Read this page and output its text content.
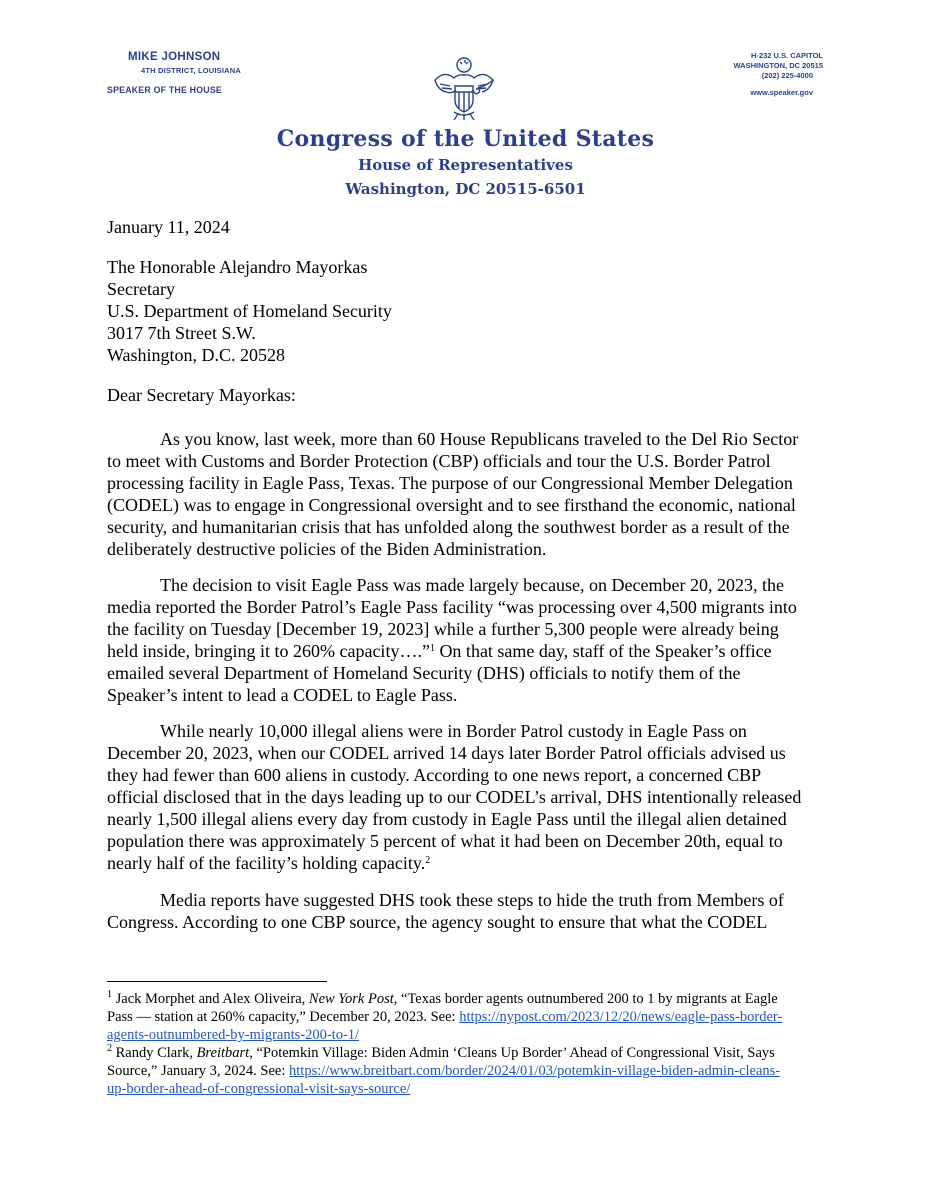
MIKE JOHNSON
4TH DISTRICT, LOUISIANA
SPEAKER OF THE HOUSE
H-232 U.S. CAPITOL
WASHINGTON, DC 20515
(202) 225-4000
www.speaker.gov
Congress of the United States
House of Representatives
Washington, DC 20515-6501
January 11, 2024
The Honorable Alejandro Mayorkas
Secretary
U.S. Department of Homeland Security
3017 7th Street S.W.
Washington, D.C. 20528
Dear Secretary Mayorkas:
As you know, last week, more than 60 House Republicans traveled to the Del Rio Sector
to meet with Customs and Border Protection (CBP) officials and tour the U.S. Border Patrol
processing facility in Eagle Pass, Texas. The purpose of our Congressional Member Delegation
(CODEL) was to engage in Congressional oversight and to see firsthand the economic, national
security, and humanitarian crisis that has unfolded along the southwest border as a result of the
deliberately destructive policies of the Biden Administration.
The decision to visit Eagle Pass was made largely because, on December 20, 2023, the
media reported the Border Patrol’s Eagle Pass facility “was processing over 4,500 migrants into
the facility on Tuesday [December 19, 2023] while a further 5,300 people were already being
held inside, bringing it to 260% capacity….”$^1$ On that same day, staff of the Speaker’s office
emailed several Department of Homeland Security (DHS) officials to notify them of the
Speaker’s intent to lead a CODEL to Eagle Pass.
While nearly 10,000 illegal aliens were in Border Patrol custody in Eagle Pass on
December 20, 2023, when our CODEL arrived 14 days later Border Patrol officials advised us
they had fewer than 600 aliens in custody. According to one news report, a concerned CBP
official disclosed that in the days leading up to our CODEL’s arrival, DHS intentionally released
nearly 1,500 illegal aliens every day from custody in Eagle Pass until the illegal alien detained
population there was approximately 5 percent of what it had been on December 20th, equal to
nearly half of the facility’s holding capacity.$^2$
Media reports have suggested DHS took these steps to hide the truth from Members of
Congress. According to one CBP source, the agency sought to ensure that what the CODEL
$^1$ Jack Morphet and Alex Oliveira, New York Post, “Texas border agents outnumbered 200 to 1 by migrants at Eagle
Pass — station at 260% capacity,” December 20, 2023. See: https://nypost.com/2023/12/20/news/eagle-pass-border-
agents-outnumbered-by-migrants-200-to-1/
$^2$ Randy Clark, Breitbart, “Potemkin Village: Biden Admin ‘Cleans Up Border’ Ahead of Congressional Visit, Says
Source,” January 3, 2024. See: https://www.breitbart.com/border/2024/01/03/potemkin-village-biden-admin-cleans-
up-border-ahead-of-congressional-visit-says-source/
